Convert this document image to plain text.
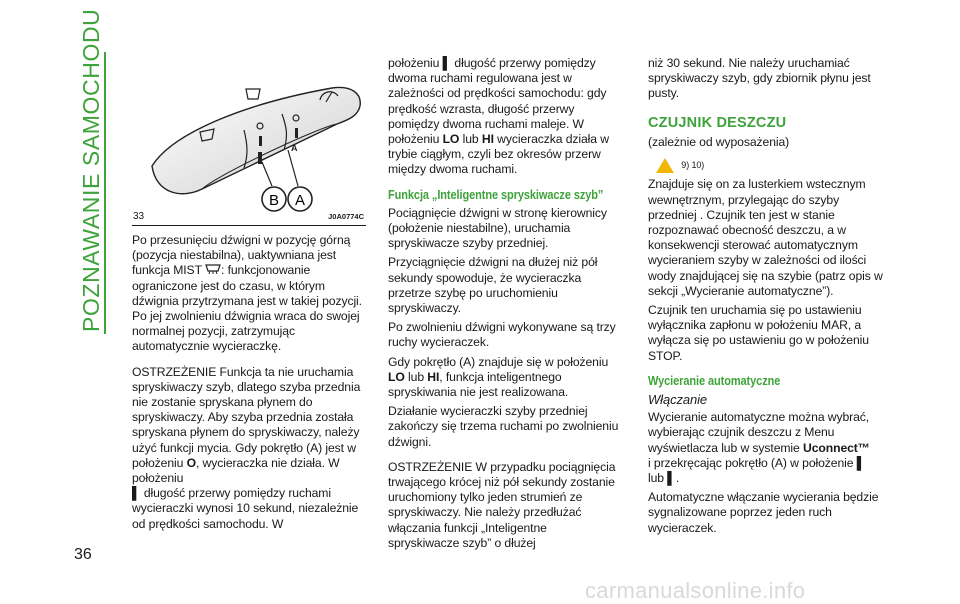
POZNAWANIE SAMOCHODU
36
A
B A
33	J0A0774C

Po przesunięciu dźwigni w pozycję górną (pozycja niestabilna), uaktywniana jest funkcja MIST : funkcjonowanie ograniczone jest do czasu, w którym dźwignia przytrzymana jest w takiej pozycji. Po jej zwolnieniu dźwignia wraca do swojej normalnej pozycji, zatrzymując automatycznie wycieraczkę.

OSTRZEŻENIE Funkcja ta nie uruchamia spryskiwaczy szyb, dlatego szyba przednia nie zostanie spryskana płynem do spryskiwaczy. Aby szyba przednia została spryskana płynem do spryskiwaczy, należy użyć funkcji mycia. Gdy pokrętło (A) jest w położeniu O, wycieraczka nie działa. W położeniu
▌ długość przerwy pomiędzy ruchami wycieraczki wynosi 10 sekund, niezależnie od prędkości samochodu. W

położeniu ▌ długość przerwy pomiędzy dwoma ruchami regulowana jest w zależności od prędkości samochodu: gdy prędkość wzrasta, długość przerwy pomiędzy dwoma ruchami maleje. W położeniu LO lub HI wycieraczka działa w trybie ciągłym, czyli bez okresów przerw między dwoma ruchami.

Funkcja „Inteligentne spryskiwacze szyb”

Pociągnięcie dźwigni w stronę kierownicy (położenie niestabilne), uruchamia spryskiwacze szyby przedniej.

Przyciągnięcie dźwigni na dłużej niż pół sekundy spowoduje, że wycieraczka przetrze szybę po uruchomieniu spryskiwaczy.

Po zwolnieniu dźwigni wykonywane są trzy ruchy wycieraczek.

Gdy pokrętło (A) znajduje się w położeniu LO lub HI, funkcja inteligentnego spryskiwania nie jest realizowana.

Działanie wycieraczki szyby przedniej zakończy się trzema ruchami po zwolnieniu dźwigni.

OSTRZEŻENIE W przypadku pociągnięcia trwającego krócej niż pół sekundy zostanie uruchomiony tylko jeden strumień ze spryskiwaczy. Nie należy przedłużać włączania funkcji „Inteligentne spryskiwacze szyb” o dłużej

niż 30 sekund. Nie należy uruchamiać spryskiwaczy szyb, gdy zbiornik płynu jest pusty.

CZUJNIK DESZCZU

(zależnie od wyposażenia)

9) 10)

Znajduje się on za lusterkiem wstecznym wewnętrznym, przylegając do szyby przedniej . Czujnik ten jest w stanie rozpoznawać obecność deszczu, a w konsekwencji sterować automatycznym wycieraniem szyby w zależności od ilości wody znajdującej się na szybie (patrz opis w sekcji „Wycieranie automatyczne”).

Czujnik ten uruchamia się po ustawieniu wyłącznika zapłonu w położeniu MAR, a wyłącza się po ustawieniu go w położeniu STOP.

Wycieranie automatyczne
Włączanie

Wycieranie automatyczne można wybrać, wybierając czujnik deszczu z Menu wyświetlacza lub w systemie Uconnect™
i przekręcając pokrętło (A) w położenie ▌
lub ▌.

Automatyczne włączanie wycierania będzie sygnalizowane poprzez jeden ruch wycieraczek.

carmanualsonline.info
